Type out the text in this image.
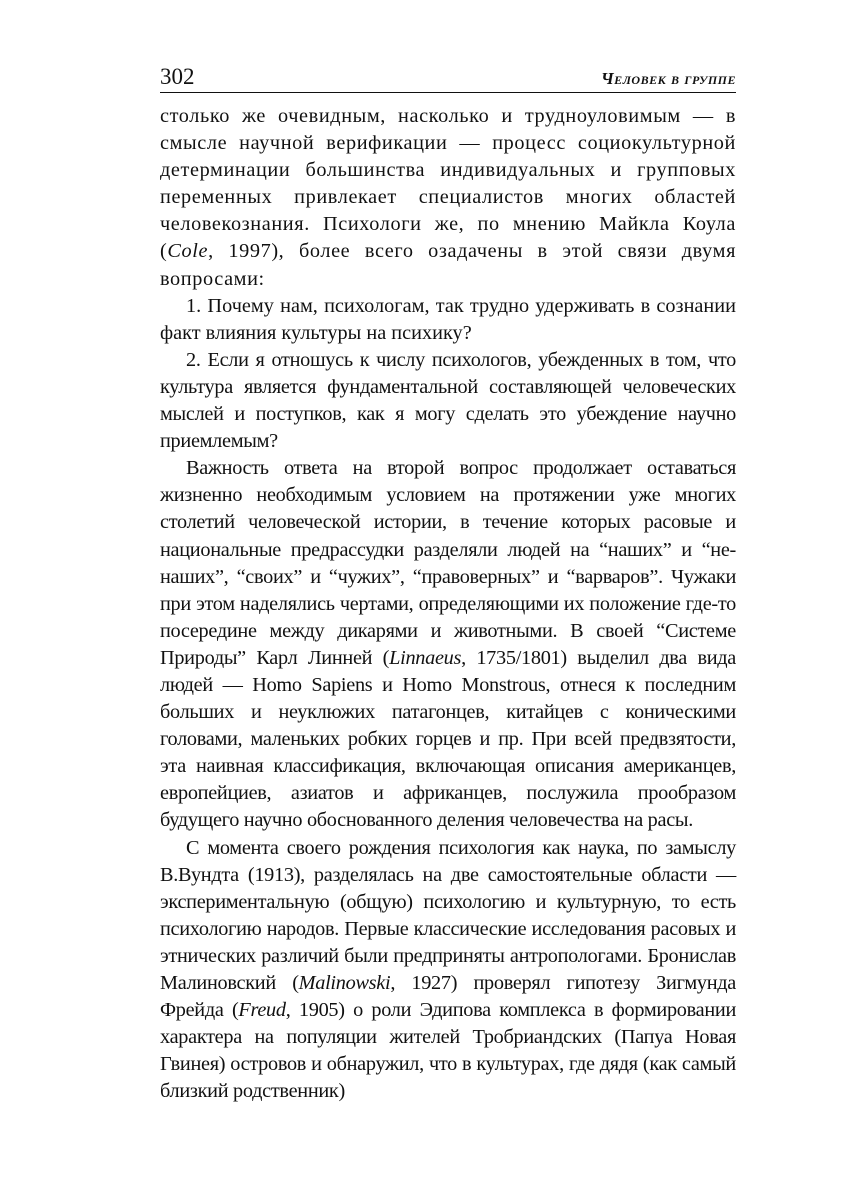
302	Человек в группе

столько же очевидным, насколько и трудноуловимым — в смысле научной верификации — процесс социокультурной детерминации большинства индивидуальных и групповых переменных привлекает специалистов многих областей человекознания. Психологи же, по мнению Майкла Коула (Cole, 1997), более всего озадачены в этой связи двумя вопросами:

1. Почему нам, психологам, так трудно удерживать в сознании факт влияния культуры на психику?

2. Если я отношусь к числу психологов, убежденных в том, что культура является фундаментальной составляющей человеческих мыслей и поступков, как я могу сделать это убеждение научно приемлемым?

Важность ответа на второй вопрос продолжает оставаться жизненно необходимым условием на протяжении уже многих столетий человеческой истории, в течение которых расовые и национальные предрассудки разделяли людей на “наших” и “не-наших”, “своих” и “чужих”, “правоверных” и “варваров”. Чужаки при этом наделялись чертами, определяющими их положение где-то посередине между дикарями и животными. В своей “Системе Природы” Карл Линней (Linnaeus, 1735/1801) выделил два вида людей — Homo Sapiens и Homo Monstrous, отнеся к последним больших и неуклюжих патагонцев, китайцев с коническими головами, маленьких робких горцев и пр. При всей предвзятости, эта наивная классификация, включающая описания американцев, европейциев, азиатов и африканцев, послужила прообразом будущего научно обоснованного деления человечества на расы.

С момента своего рождения психология как наука, по замыслу В.Вундта (1913), разделялась на две самостоятельные области — экспериментальную (общую) психологию и культурную, то есть психологию народов. Первые классические исследования расовых и этнических различий были предприняты антропологами. Бронислав Малиновский (Malinowski, 1927) проверял гипотезу Зигмунда Фрейда (Freud, 1905) о роли Эдипова комплекса в формировании характера на популяции жителей Тробриандских (Папуа Новая Гвинея) островов и обнаружил, что в культурах, где дядя (как самый близкий родственник)
